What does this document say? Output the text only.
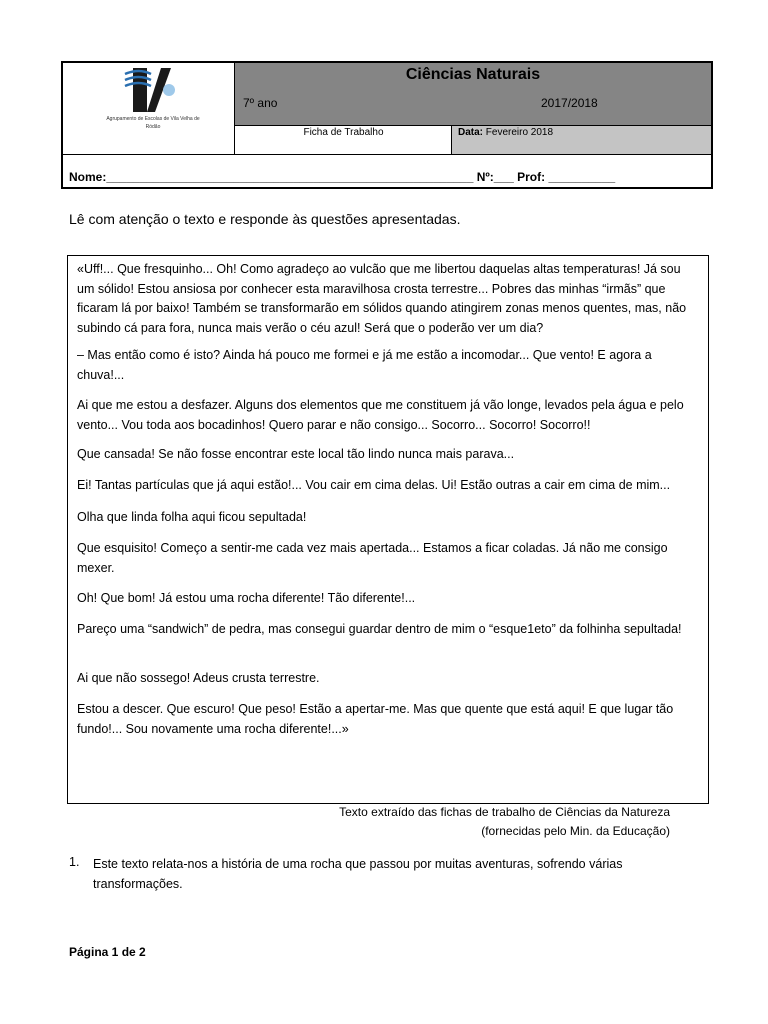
Agrupamento de Escolas de Vila Velha de Ródão
Ciências Naturais
7º ano	2017/2018
Ficha de Trabalho	Data: Fevereiro 2018
Nome:_______________________________________________________ Nº:___ Prof: __________
Lê com atenção o texto e responde às questões apresentadas.

«Uff!... Que fresquinho... Oh! Como agradeço ao vulcão que me libertou daquelas altas temperaturas! Já sou um sólido! Estou ansiosa por conhecer esta maravilhosa crosta terrestre... Pobres das minhas “irmãs” que ficaram lá por baixo! Também se transformarão em sólidos quando atingirem zonas menos quentes, mas, não subindo cá para fora, nunca mais verão o céu azul! Será que o poderão ver um dia?

– Mas então como é isto? Ainda há pouco me formei e já me estão a incomodar... Que vento! E agora a chuva!...

Ai que me estou a desfazer. Alguns dos elementos que me constituem já vão longe, levados pela água e pelo vento... Vou toda aos bocadinhos! Quero parar e não consigo... Socorro... Socorro! Socorro!!

Que cansada! Se não fosse encontrar este local tão lindo nunca mais parava...

Ei! Tantas partículas que já aqui estão!... Vou cair em cima delas. Ui! Estão outras a cair em cima de mim...

Olha que linda folha aqui ficou sepultada!

Que esquisito! Começo a sentir-me cada vez mais apertada... Estamos a ficar coladas. Já não me consigo mexer.

Oh! Que bom! Já estou uma rocha diferente! Tão diferente!...

Pareço uma “sandwich” de pedra, mas consegui guardar dentro de mim o “esque1eto” da folhinha sepultada!

Ai que não sossego! Adeus crusta terrestre.

Estou a descer. Que escuro! Que peso! Estão a apertar-me. Mas que quente que está aqui! E que lugar tão fundo!... Sou novamente uma rocha diferente!...»

Texto extraído das fichas de trabalho de Ciências da Natureza
(fornecidas pelo Min. da Educação)
1. Este texto relata-nos a história de uma rocha que passou por muitas aventuras, sofrendo várias transformações.
Página 1 de 2
